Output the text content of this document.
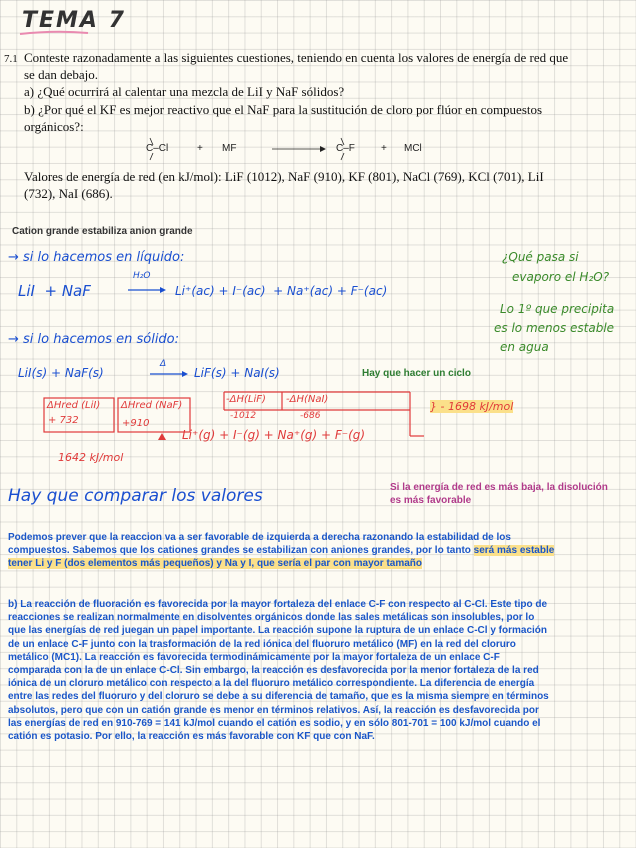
TEMA 7
7.1 Conteste razonadamente a las siguientes cuestiones, teniendo en cuenta los valores de energía de red que
se dan debajo.
a) ¿Qué ocurrirá al calentar una mezcla de LiI y NaF sólidos?
b) ¿Por qué el KF es mejor reactivo que el NaF para la sustitución de cloro por flúor en compuestos
orgánicos?:
C–Cl	+ MF	C–F	+ MCl
Valores de energía de red (en kJ/mol): LiF (1012), NaF (910), KF (801), NaCl (769), KCl (701), LiI
(732), NaI (686).
Cation grande estabiliza anion grande
→ si lo hacemos en líquido:
LiI  + NaF
H₂O
Li⁺(ac) + I⁻(ac)  + Na⁺(ac) + F⁻(ac)
¿Qué pasa si
evaporo el H₂O?
Lo 1º que precipita
es lo menos estable
en agua
→ si lo hacemos en sólido:
LiI(s) + NaF(s)
Δ
LiF(s) + NaI(s)	Hay que hacer un ciclo
ΔHred (LiI)
+ 732
ΔHred (NaF)
+910
-ΔH(LiF)
-1012
-ΔH(NaI)
-686
Li⁺(g) + I⁻(g) + Na⁺(g) + F⁻(g)
1642 kJ/mol
} - 1698 kJ/mol
Hay que comparar los valores	Si la energía de red es más baja, la disolución
es más favorable
Podemos prever que la reaccion va a ser favorable de izquierda a derecha razonando la estabilidad de los
compuestos. Sabemos que los cationes grandes se estabilizan con aniones grandes, por lo tanto será más estable
tener Li y F (dos elementos más pequeños) y Na y I, que sería el par con mayor tamaño
b) La reacción de fluoración es favorecida por la mayor fortaleza del enlace C-F con respecto al C-Cl. Este tipo de
reacciones se realizan normalmente en disolventes orgánicos donde las sales metálicas son insolubles, por lo
que las energías de red juegan un papel importante. La reacción supone la ruptura de un enlace C-Cl y formación
de un enlace C-F junto con la trasformación de la red iónica del fluoruro metálico (MF) en la red del cloruro
metálico (MC1). La reacción es favorecida termodinámicamente por la mayor fortaleza de un enlace C-F
comparada con la de un enlace C-Cl. Sin embargo, la reacción es desfavorecida por la menor fortaleza de la red
iónica de un cloruro metálico con respecto a la del fluoruro metálico correspondiente. La diferencia de energía
entre las redes del fluoruro y del cloruro se debe a su diferencia de tamaño, que es la misma siempre en términos
absolutos, pero que con un catión grande es menor en términos relativos. Así, la reacción es desfavorecida por
las energías de red en 910-769 = 141 kJ/mol cuando el catión es sodio, y en sólo 801-701 = 100 kJ/mol cuando el
catión es potasio. Por ello, la reacción es más favorable con KF que con NaF.
